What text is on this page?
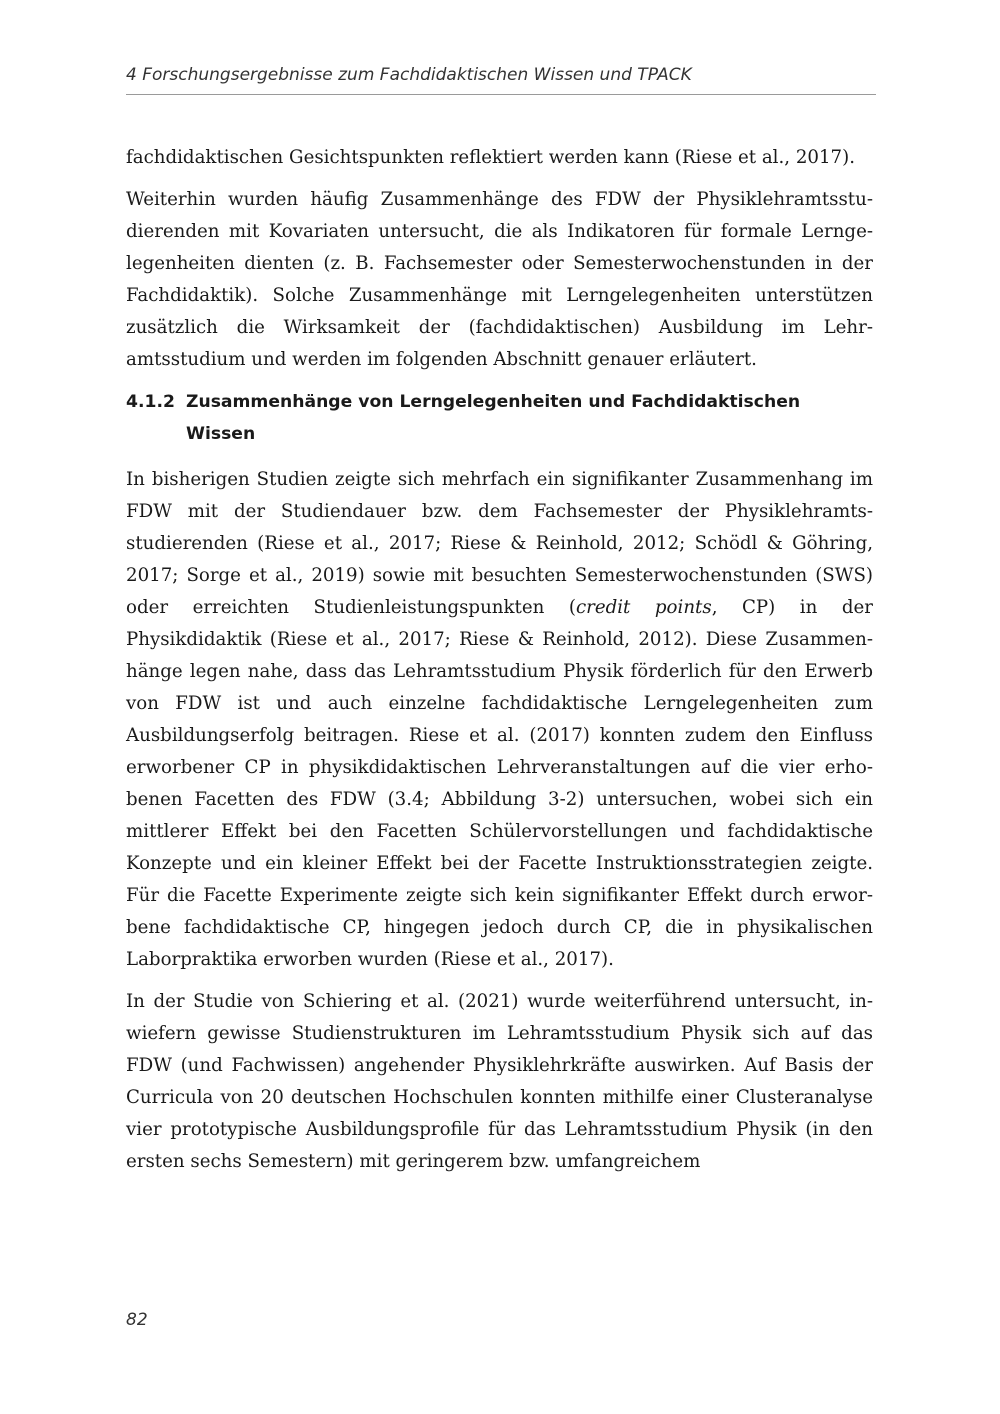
4 Forschungsergebnisse zum Fachdidaktischen Wissen und TPACK

fachdidaktischen Gesichtspunkten reflektiert werden kann (Riese et al., 2017).

Weiterhin wurden häufig Zusammenhänge des FDW der Physiklehramtsstudierenden mit Kovariaten untersucht, die als Indikatoren für formale Lerngelegenheiten dienten (z. B. Fachsemester oder Semesterwochenstunden in der Fachdidaktik). Solche Zusammenhänge mit Lerngelegenheiten unterstützen zusätzlich die Wirksamkeit der (fachdidaktischen) Ausbildung im Lehramtsstudium und werden im folgenden Abschnitt genauer erläutert.

4.1.2 Zusammenhänge von Lerngelegenheiten und Fachdidaktischen Wissen

In bisherigen Studien zeigte sich mehrfach ein signifikanter Zusammenhang im FDW mit der Studiendauer bzw. dem Fachsemester der Physiklehramtsstudierenden (Riese et al., 2017; Riese & Reinhold, 2012; Schödl & Göhring, 2017; Sorge et al., 2019) sowie mit besuchten Semesterwochenstunden (SWS) oder erreichten Studienleistungspunkten (credit points, CP) in der Physikdidaktik (Riese et al., 2017; Riese & Reinhold, 2012). Diese Zusammenhänge legen nahe, dass das Lehramtsstudium Physik förderlich für den Erwerb von FDW ist und auch einzelne fachdidaktische Lerngelegenheiten zum Ausbildungserfolg beitragen. Riese et al. (2017) konnten zudem den Einfluss erworbener CP in physikdidaktischen Lehrveranstaltungen auf die vier erhobenen Facetten des FDW (3.4; Abbildung 3-2) untersuchen, wobei sich ein mittlerer Effekt bei den Facetten Schülervorstellungen und fachdidaktische Konzepte und ein kleiner Effekt bei der Facette Instruktionsstrategien zeigte. Für die Facette Experimente zeigte sich kein signifikanter Effekt durch erworbene fachdidaktische CP, hingegen jedoch durch CP, die in physikalischen Laborpraktika erworben wurden (Riese et al., 2017).

In der Studie von Schiering et al. (2021) wurde weiterführend untersucht, inwiefern gewisse Studienstrukturen im Lehramtsstudium Physik sich auf das FDW (und Fachwissen) angehender Physiklehrkräfte auswirken. Auf Basis der Curricula von 20 deutschen Hochschulen konnten mithilfe einer Clusteranalyse vier prototypische Ausbildungsprofile für das Lehramtsstudium Physik (in den ersten sechs Semestern) mit geringerem bzw. umfangreichem

82
